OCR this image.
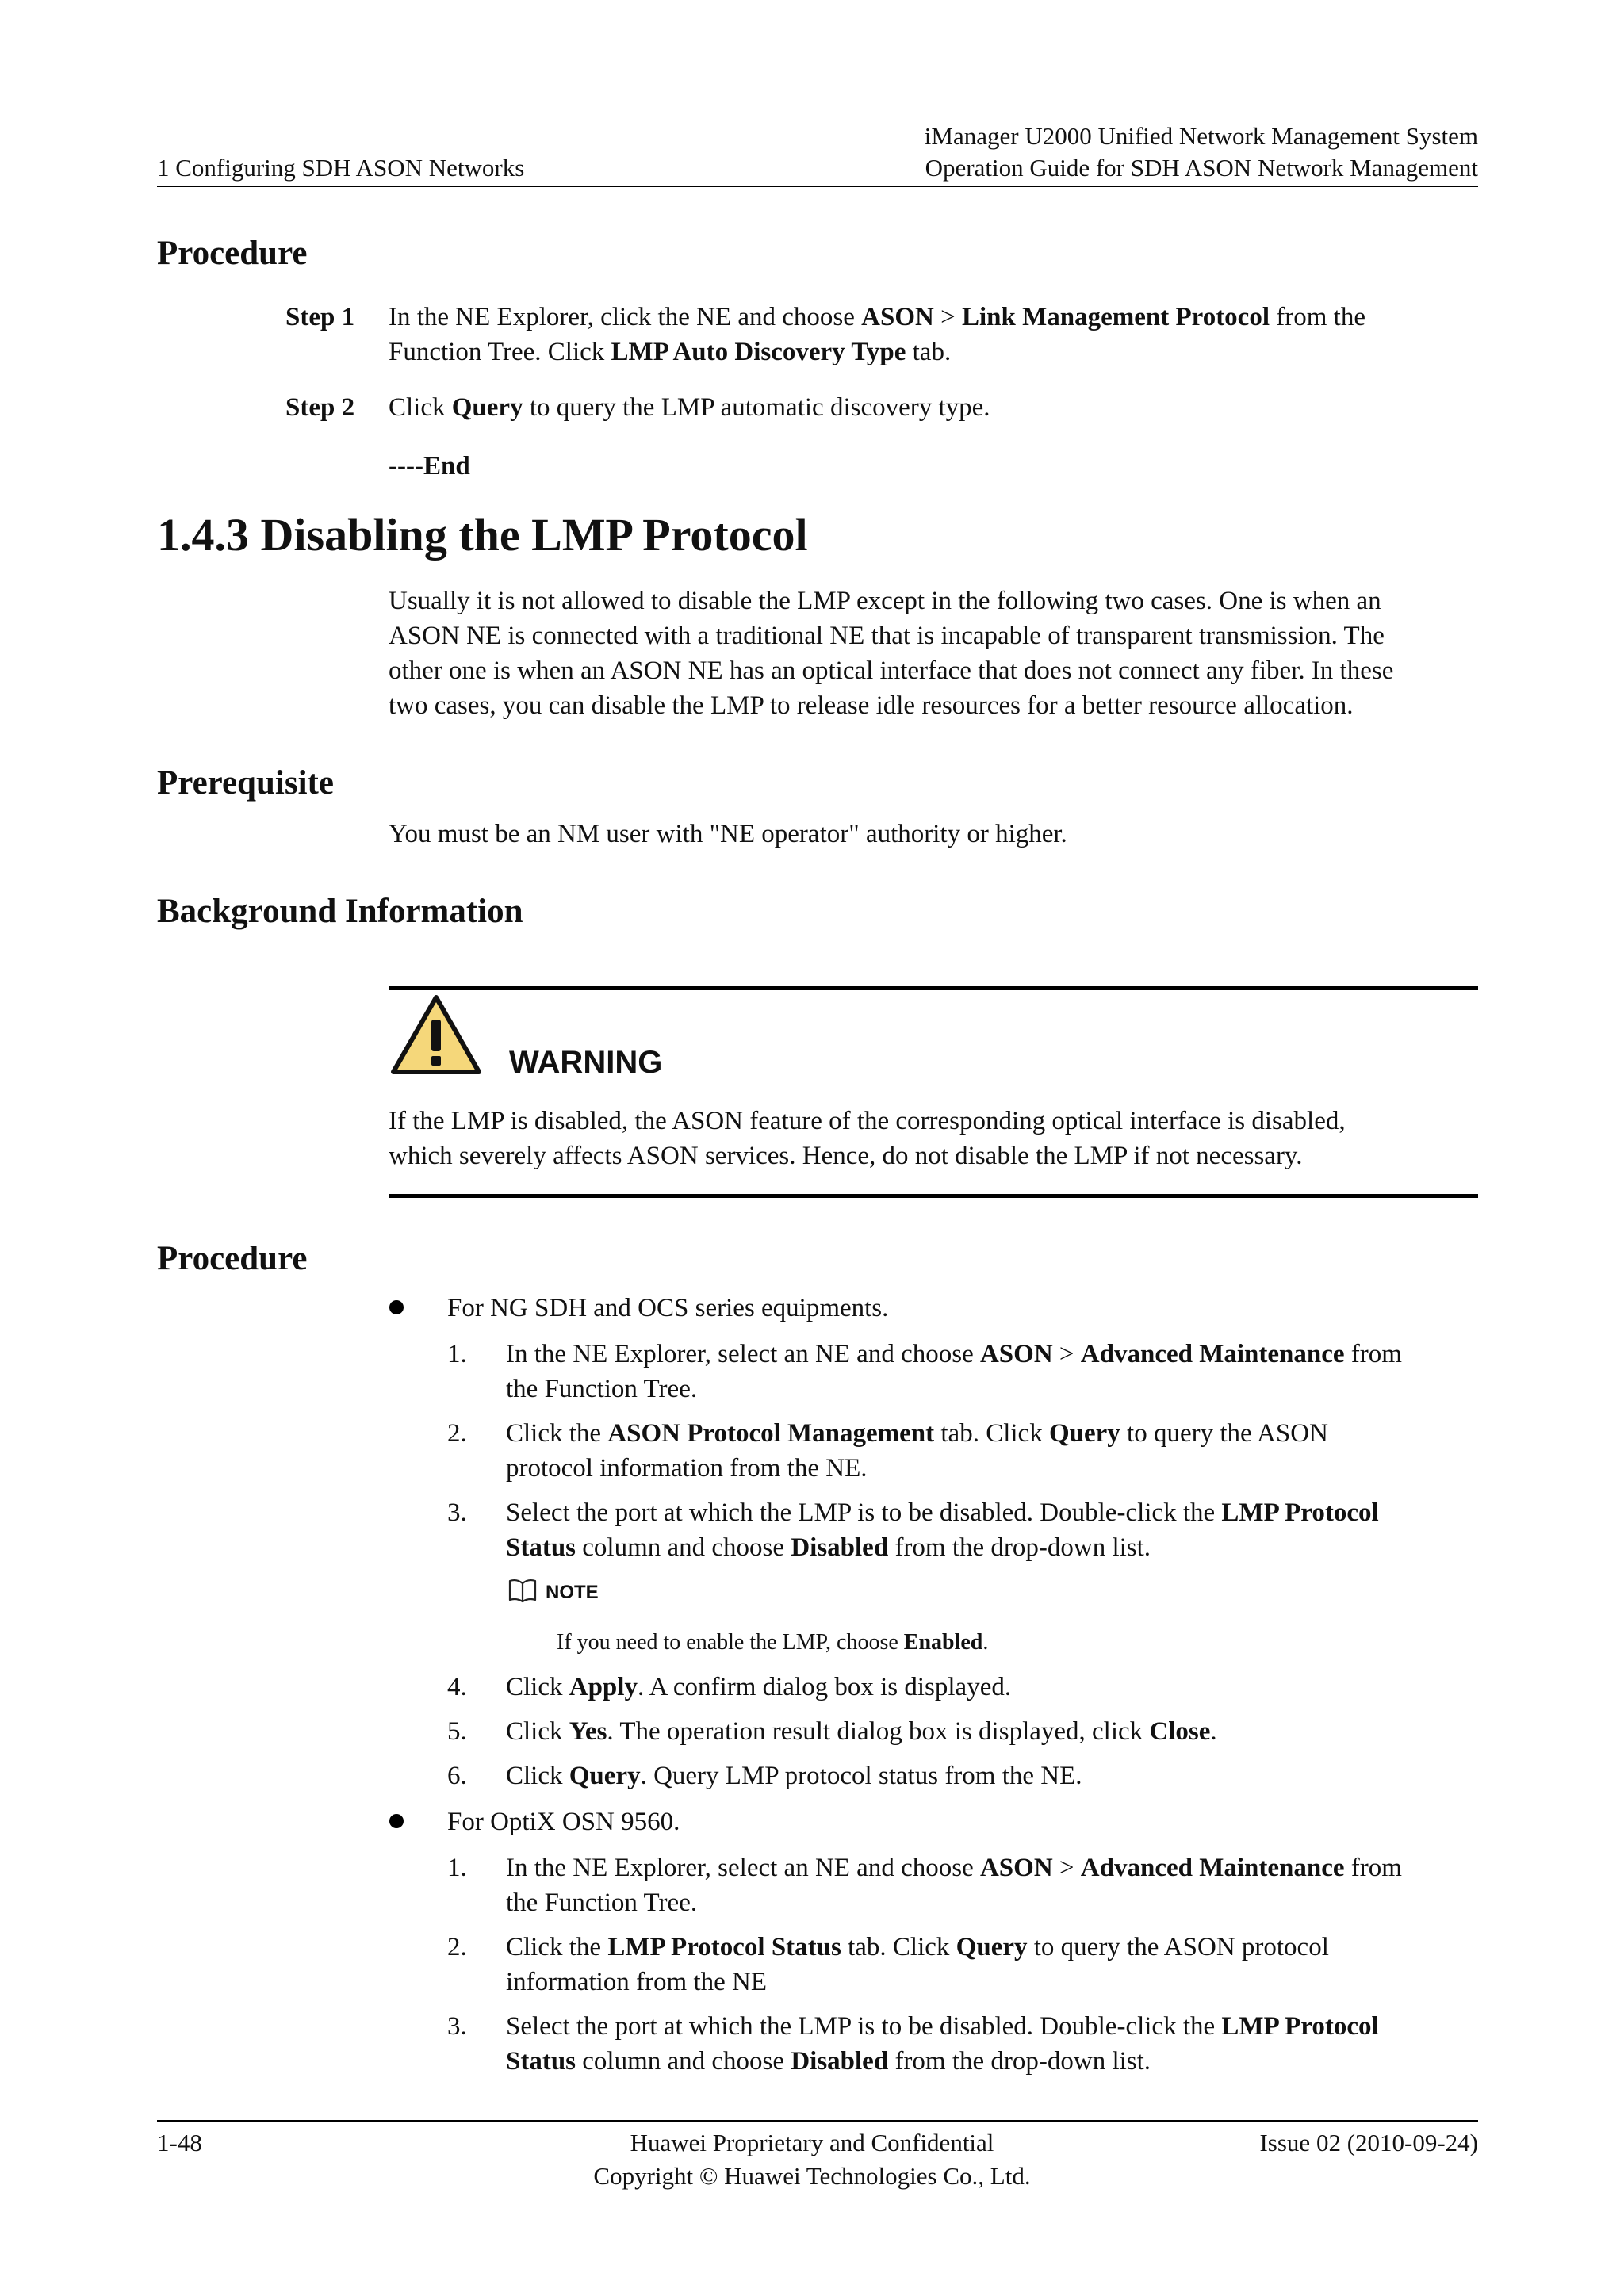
1 Configuring SDH ASON Networks
iManager U2000 Unified Network Management System
Operation Guide for SDH ASON Network Management
Procedure
Step 1 In the NE Explorer, click the NE and choose ASON > Link Management Protocol from the
Function Tree. Click LMP Auto Discovery Type tab.
Step 2 Click Query to query the LMP automatic discovery type.
----End
1.4.3 Disabling the LMP Protocol
Usually it is not allowed to disable the LMP except in the following two cases. One is when an
ASON NE is connected with a traditional NE that is incapable of transparent transmission. The
other one is when an ASON NE has an optical interface that does not connect any fiber. In these
two cases, you can disable the LMP to release idle resources for a better resource allocation.
Prerequisite
You must be an NM user with "NE operator" authority or higher.
Background Information
WARNING
If the LMP is disabled, the ASON feature of the corresponding optical interface is disabled,
which severely affects ASON services. Hence, do not disable the LMP if not necessary.
Procedure
For NG SDH and OCS series equipments.
1. In the NE Explorer, select an NE and choose ASON > Advanced Maintenance from
the Function Tree.
2. Click the ASON Protocol Management tab. Click Query to query the ASON
protocol information from the NE.
3. Select the port at which the LMP is to be disabled. Double-click the LMP Protocol
Status column and choose Disabled from the drop-down list.
NOTE
If you need to enable the LMP, choose Enabled.
4. Click Apply. A confirm dialog box is displayed.
5. Click Yes. The operation result dialog box is displayed, click Close.
6. Click Query. Query LMP protocol status from the NE.
For OptiX OSN 9560.
1. In the NE Explorer, select an NE and choose ASON > Advanced Maintenance from
the Function Tree.
2. Click the LMP Protocol Status tab. Click Query to query the ASON protocol
information from the NE
3. Select the port at which the LMP is to be disabled. Double-click the LMP Protocol
Status column and choose Disabled from the drop-down list.
1-48	Huawei Proprietary and Confidential
Copyright © Huawei Technologies Co., Ltd.
Issue 02 (2010-09-24)
